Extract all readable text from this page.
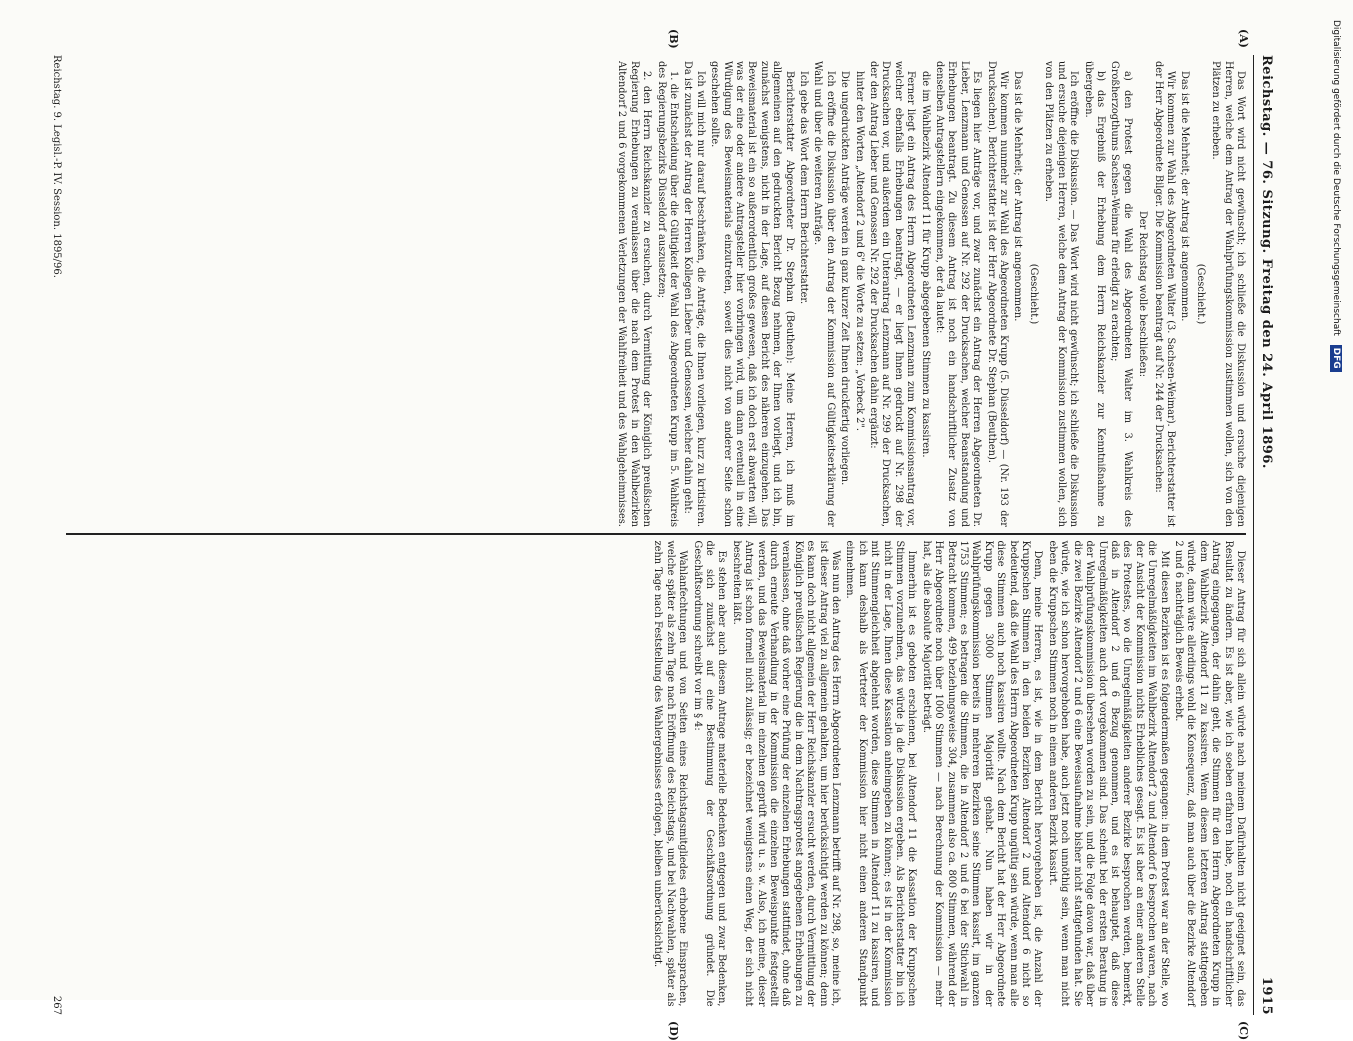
Reichstag. — 76. Sitzung. Freitag den 24. April 1896.
1915
(A)
(B)
(C)
(D)

Das Wort wird nicht gewünscht; ich schließe die Diskussion und ersuche diejenigen Herren, welche dem Antrag der Wahlprüfungskommission zustimmen wollen, sich von den Plätzen zu erheben.

(Geschieht.)

Das ist die Mehrheit; der Antrag ist angenommen.

Wir kommen zur Wahl des Abgeordneten Walter (3. Sachsen-Weimar). Berichterstatter ist der Herr Abgeordnete Bilger. Die Kommission beantragt auf Nr. 244 der Drucksachen:

Der Reichstag wolle beschließen:

a) den Protest gegen die Wahl des Abgeordneten Walter im 3. Wahlkreis des Großherzogthums Sachsen-Weimar für erledigt zu erachten;

b) das Ergebniß der Erhebung dem Herrn Reichskanzler zur Kenntnißnahme zu übergeben.

Ich eröffne die Diskussion. — Das Wort wird nicht gewünscht; ich schließe die Diskussion und ersuche diejenigen Herren, welche dem Antrag der Kommission zustimmen wollen, sich von den Plätzen zu erheben.

(Geschieht.)

Das ist die Mehrheit; der Antrag ist angenommen.

Wir kommen nunmehr zur Wahl des Abgeordneten Krupp (5. Düsseldorf) — (Nr. 193 der Drucksachen). Berichterstatter ist der Herr Abgeordnete Dr. Stephan (Beuthen).

Es liegen hier Anträge vor, und zwar zunächst ein Antrag der Herren Abgeordneten Dr. Lieber, Lenzmann und Genossen auf Nr. 292 der Drucksachen, welcher Beanstandung und Erhebungen beantragt. Zu diesem Antrag ist noch ein handschriftlicher Zusatz von denselben Antragstellern eingekommen, der da lautet:

die im Wahlbezirk Altendorf 11 für Krupp abgegebenen Stimmen zu kassiren.

Ferner liegt ein Antrag des Herrn Abgeordneten Lenzmann zum Kommissionsantrag vor, welcher ebenfalls Erhebungen beantragt, — er liegt Ihnen gedruckt auf Nr. 298 der Drucksachen vor, und außerdem ein Unterantrag Lenzmann auf Nr. 299 der Drucksachen, der den Antrag Lieber und Genossen Nr. 292 der Drucksachen dahin ergänzt:

hinter den Worten „Altendorf 2 und 6" die Worte zu setzen: „Vorbeck 2".

Die ungedruckten Anträge werden in ganz kurzer Zeit Ihnen druckfertig vorliegen.

Ich eröffne die Diskussion über den Antrag der Kommission auf Gültigkeitserklärung der Wahl und über die weiteren Anträge.

Ich gebe das Wort dem Herrn Berichterstatter.

Berichterstatter Abgeordneter Dr. Stephan (Beuthen): Meine Herren, ich muß im allgemeinen auf den gedruckten Bericht Bezug nehmen, der Ihnen vorliegt, und ich bin, zunächst wenigstens, nicht in der Lage, auf diesen Bericht des näheren einzugehen. Das Beweismaterial ist ein so außerordentlich großes gewesen, daß ich doch erst abwarten will, was der eine oder andere Antragsteller hier vorbringen wird, um dann eventuell in eine Würdigung des Beweismaterials einzutreten, soweit dies nicht von anderer Seite schon geschehen sollte.

Ich will mich nur darauf beschränken, die Anträge, die Ihnen vorliegen, kurz zu kritisiren. Da ist zunächst der Antrag der Herren Kollegen Lieber und Genossen, welcher dahin geht:

1. die Entscheidung über die Gültigkeit der Wahl des Abgeordneten Krupp im 5. Wahlkreis des Regierungsbezirks Düsseldorf auszusetzen;

2. den Herrn Reichskanzler zu ersuchen, durch Vermittlung der Königlich preußischen Regierung Erhebungen zu veranlassen über die nach dem Protest in den Wahlbezirken Altendorf 2 und 6 vorgekommenen Verletzungen der Wahlfreiheit und des Wahlgeheimnisses.

Dieser Antrag für sich allein würde nach meinem Dafürhalten nicht geeignet sein, das Resultat zu ändern. Es ist aber, wie ich soeben erfahren habe, noch ein handschriftlicher Antrag eingegangen, der dahin geht, die Stimmen für den Herrn Abgeordneten Krupp in dem Wahlbezirk Altendorf 11 zu kassiren. Wenn diesem letzteren Antrag stattgegeben würde, dann wäre allerdings wohl die Konsequenz, daß man auch über die Bezirke Altendorf 2 und 6 nachträglich Beweis erhebt.

Mit diesen Bezirken ist es folgendermaßen gegangen: in dem Protest war an der Stelle, wo die Unregelmäßigkeiten im Wahlbezirk Altendorf 2 und Altendorf 6 besprochen waren, nach der Ansicht der Kommission nichts Erhebliches gesagt. Es ist aber an einer anderen Stelle des Protestes, wo die Unregelmäßigkeiten anderer Bezirke besprochen werden, bemerkt, daß in Altendorf 2 und 6 Bezug genommen, und es ist behauptet, daß diese Unregelmäßigkeiten auch dort vorgekommen sind. Das scheint bei der ersten Beratung in der Wahlprüfungskommission übersehen worden zu sein, und die Folge davon war, daß über die zwei Bezirke Altendorf 2 und 6 eine Beweisaufnahme bisher nicht stattgefunden hat. Sie würde, wie ich schon hervorgehoben habe, auch jetzt noch unnöthig sein, wenn man nicht eben die Kruppschen Stimmen noch in einem anderen Bezirk kassirt.

Denn, meine Herren, es ist, wie in dem Bericht hervorgehoben ist, die Anzahl der Kruppschen Stimmen in den beiden Bezirken Altendorf 2 und Altendorf 6 nicht so bedeutend, daß die Wahl des Herrn Abgeordneten Krupp ungültig sein würde, wenn man alle diese Stimmen auch noch kassiren wollte. Nach dem Bericht hat der Herr Abgeordnete Krupp gegen 3000 Stimmen Majorität gehabt. Nun haben wir in der Wahlprüfungskommission bereits in mehreren Bezirken seine Stimmen kassirt, im ganzen 1753 Stimmen; es betragen die Stimmen, die in Altendorf 2 und 6 bei der Stichwahl in Betracht kommen, 499 beziehungsweise 304, zusammen also ca. 800 Stimmen, während der Herr Abgeordnete noch über 1000 Stimmen — nach Berechnung der Kommission — mehr hat, als die absolute Majorität beträgt.

Immerhin ist es geboten erschienen, bei Altendorf 11 die Kassation der Kruppschen Stimmen vorzunehmen, das würde ja die Diskussion ergeben. Als Berichterstatter bin ich nicht in der Lage, Ihnen diese Kassation anheimgeben zu können; es ist in der Kommission mit Stimmengleichheit abgelehnt worden, diese Stimmen in Altendorf 11 zu kassiren, und ich kann deshalb als Vertreter der Kommission hier nicht einen anderen Standpunkt einnehmen.

Was nun den Antrag des Herrn Abgeordneten Lenzmann betrifft auf Nr. 298, so, meine ich, ist dieser Antrag viel zu allgemein gehalten, um hier berücksichtigt werden zu können; denn es kann doch nicht allgemein der Herr Reichskanzler ersucht werden, durch Vermittlung der Königlich preußischen Regierung die in dem Nachtragsprotest angegebenen Erhebungen zu veranlassen, ohne daß vorher eine Prüfung der einzelnen Erhebungen stattfindet, ohne daß durch erneute Verhandlung in der Kommission die einzelnen Beweispunkte festgestellt werden, und das Beweismaterial im einzelnen geprüft wird u. s. w. Also, ich meine, dieser Antrag ist schon formell nicht zulässig; er bezeichnet wenigstens einen Weg, der sich nicht beschreiten läßt.

Es stehen aber auch diesem Antrage materielle Bedenken entgegen und zwar Bedenken, die sich zunächst auf eine Bestimmung der Geschäftsordnung gründet. Die Geschäftsordnung schreibt vor im § 4:

Wahlanfechtungen und von Seiten eines Reichstagsmitgliedes erhobene Einsprachen, welche später als zehn Tage nach Eröffnung des Reichstags, und bei Nachwahlen, später als zehn Tage nach Feststellung des Wahlergebnisses erfolgen, bleiben unberücksichtigt.

Reichstag. 9. Legisl.-P. IV. Session. 1895/96.
267
Digitalisierung gefördert durch die Deutsche Forschungsgemeinschaft DFG
